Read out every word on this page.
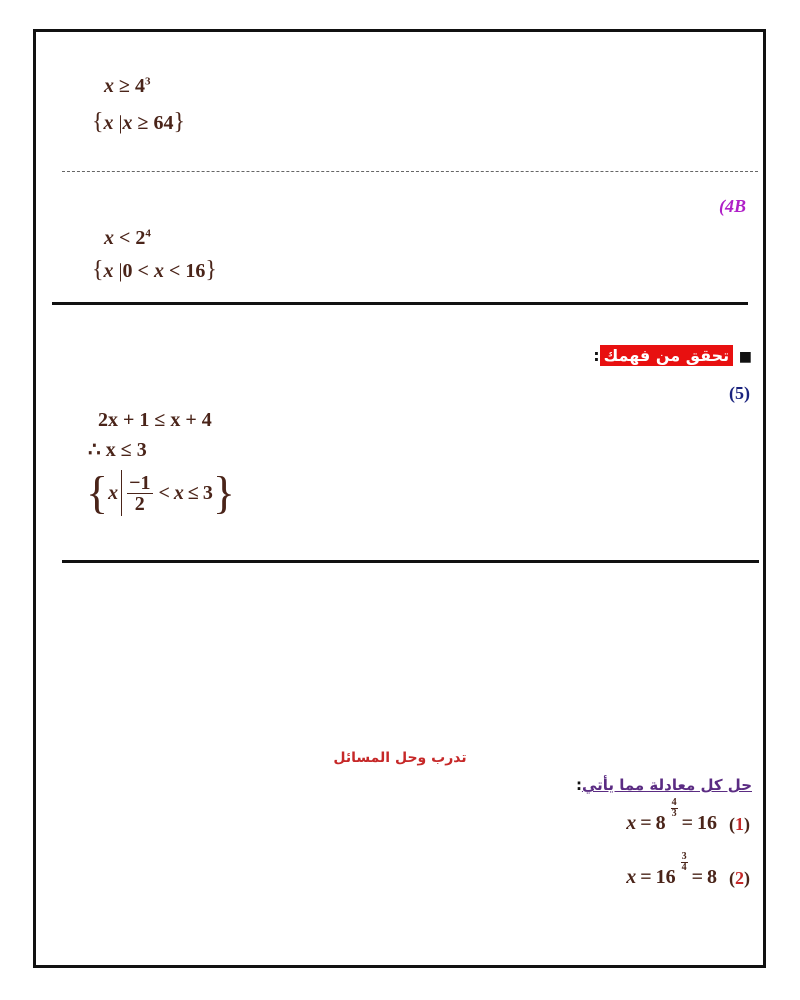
$x \ge 4^3$
{x |x ≥ 64}
(4B
$x < 2^4$
{x |0 < x < 16}
■ تحقق من فهمك:
(5)
2x + 1 ≤ x + 4
∴ x ≤ 3
{ x $\frac{-1}{2} < x \le 3$ }
تدرب وحل المسائل
حل كل معادلة مما يأتي:
x = 8
$\frac{4}{3}$
= 16 (1)
x = 16
$\frac{3}{4}$
= 8 (2)
